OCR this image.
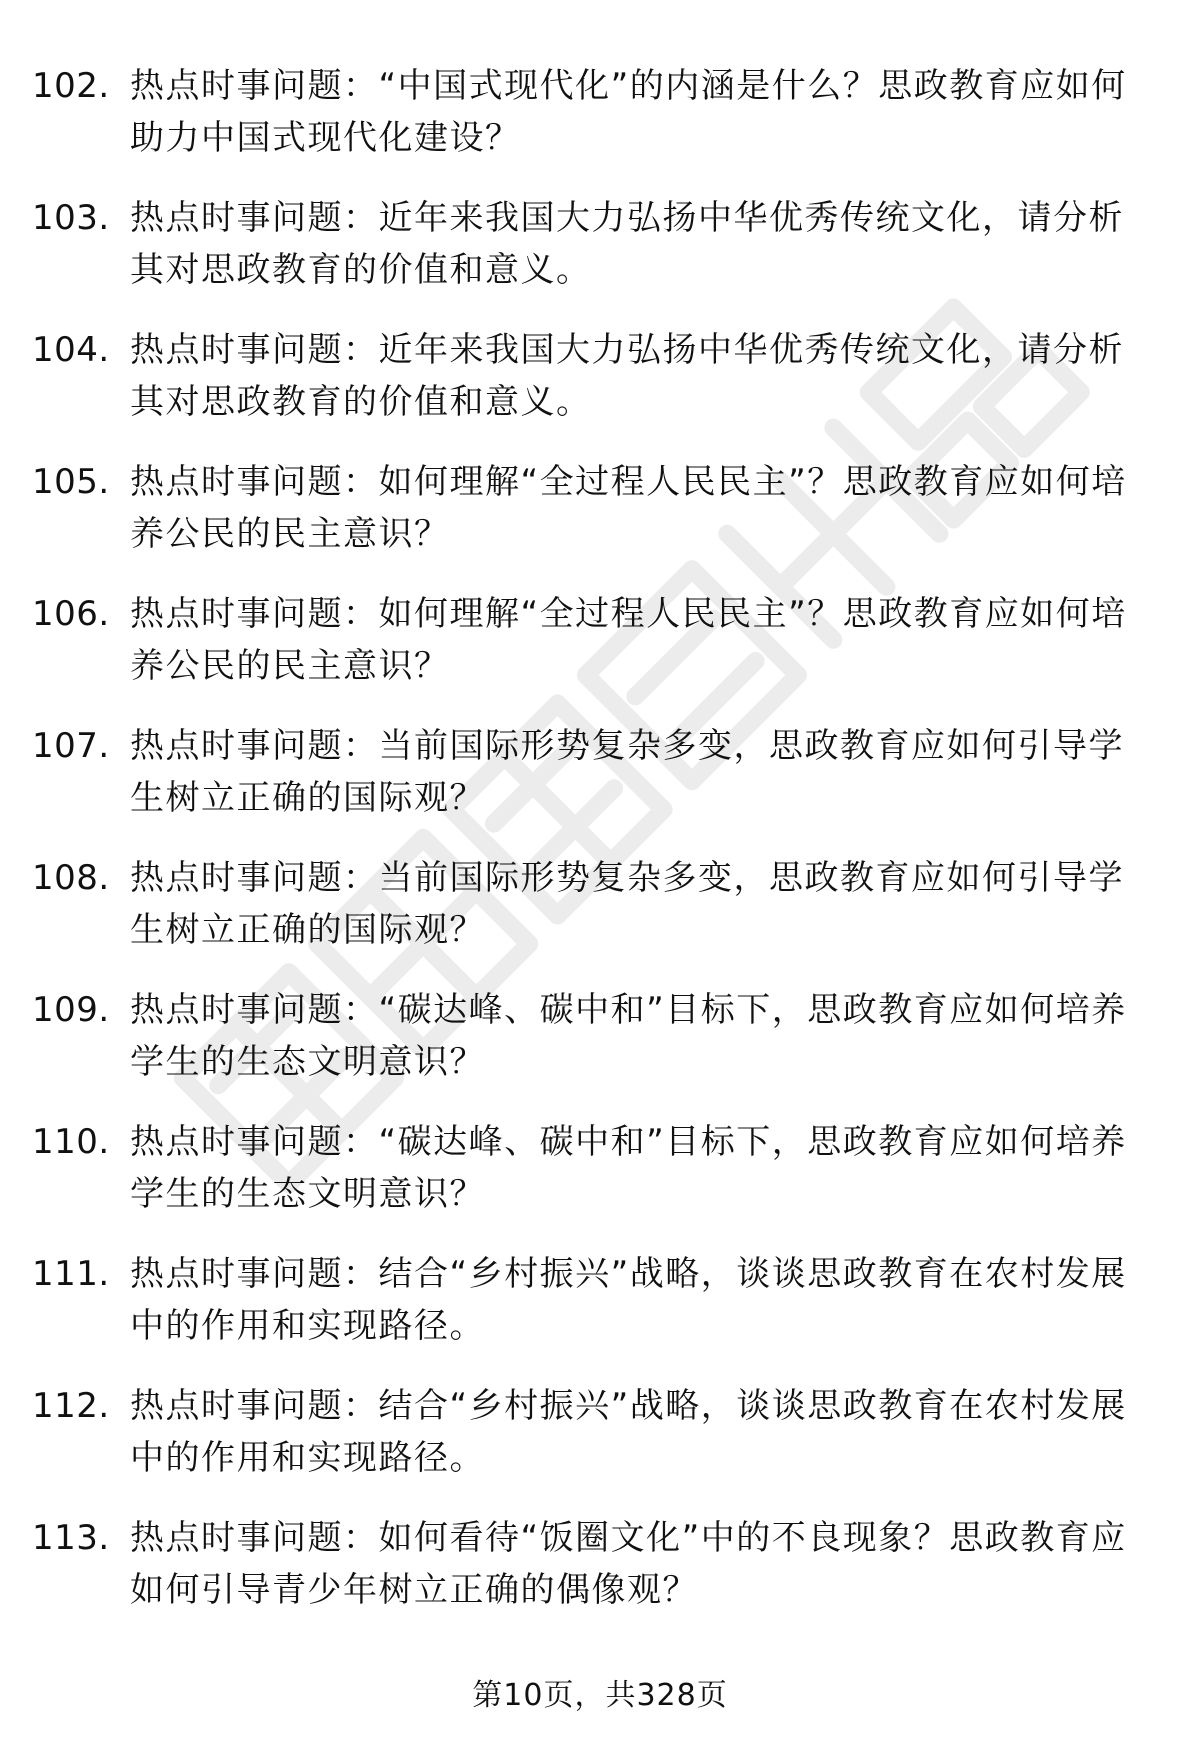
102. 热点时事问题：“中国式现代化”的内涵是什么？思政教育应如何助力中国式现代化建设？
103. 热点时事问题：近年来我国大力弘扬中华优秀传统文化，请分析其对思政教育的价值和意义。
104. 热点时事问题：近年来我国大力弘扬中华优秀传统文化，请分析其对思政教育的价值和意义。
105. 热点时事问题：如何理解“全过程人民民主”？思政教育应如何培养公民的民主意识？
106. 热点时事问题：如何理解“全过程人民民主”？思政教育应如何培养公民的民主意识？
107. 热点时事问题：当前国际形势复杂多变，思政教育应如何引导学生树立正确的国际观？
108. 热点时事问题：当前国际形势复杂多变，思政教育应如何引导学生树立正确的国际观？
109. 热点时事问题：“碳达峰、碳中和”目标下，思政教育应如何培养学生的生态文明意识？
110. 热点时事问题：“碳达峰、碳中和”目标下，思政教育应如何培养学生的生态文明意识？
111. 热点时事问题：结合“乡村振兴”战略，谈谈思政教育在农村发展中的作用和实现路径。
112. 热点时事问题：结合“乡村振兴”战略，谈谈思政教育在农村发展中的作用和实现路径。
113. 热点时事问题：如何看待“饭圈文化”中的不良现象？思政教育应如何引导青少年树立正确的偶像观？
第10页，共328页
